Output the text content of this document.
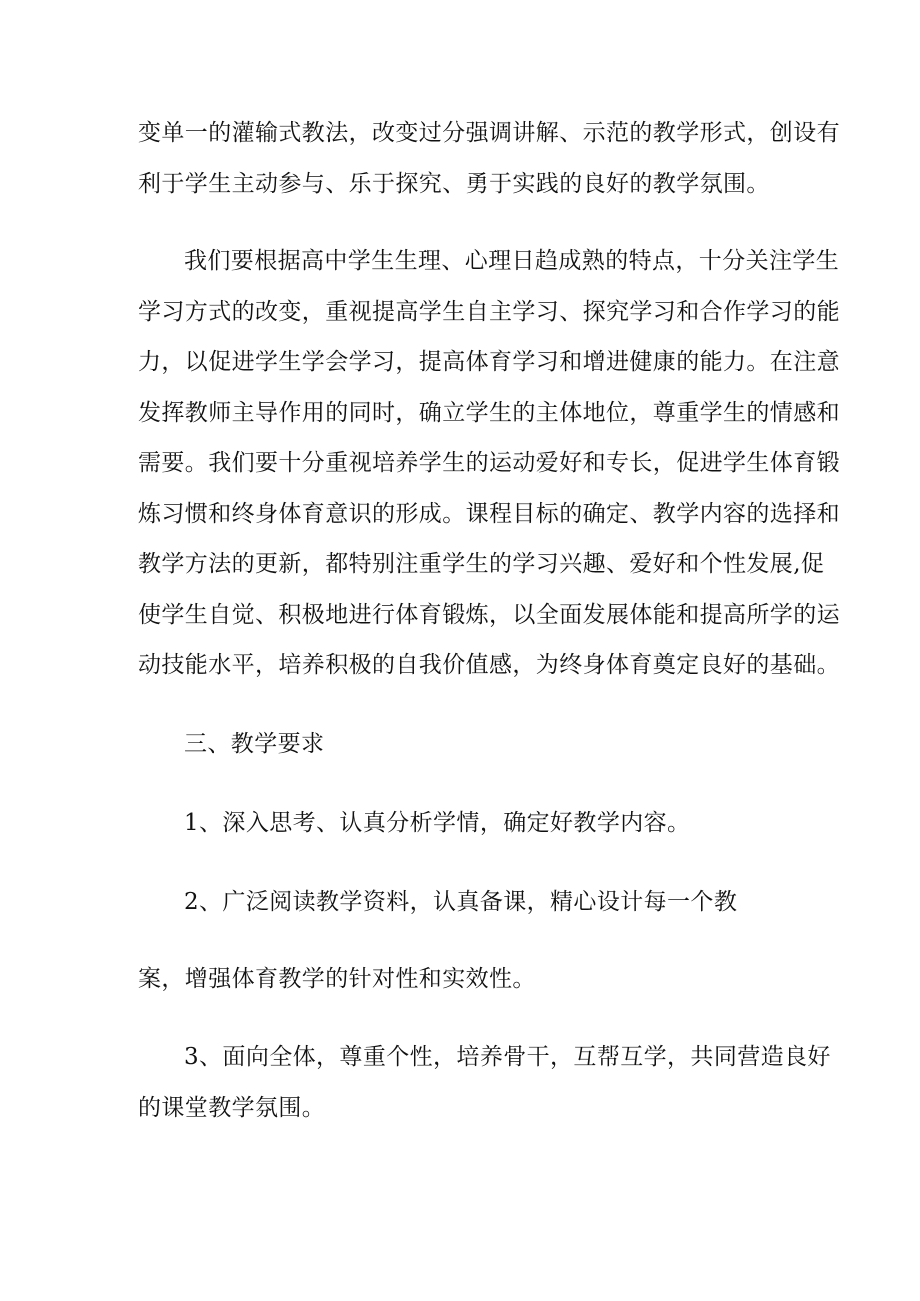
变单一的灌输式教法，改变过分强调讲解、示范的教学形式，创设有
利于学生主动参与、乐于探究、勇于实践的良好的教学氛围。
我们要根据高中学生生理、心理日趋成熟的特点，十分关注学生
学习方式的改变，重视提高学生自主学习、探究学习和合作学习的能
力，以促进学生学会学习，提高体育学习和增进健康的能力。在注意
发挥教师主导作用的同时，确立学生的主体地位，尊重学生的情感和
需要。我们要十分重视培养学生的运动爱好和专长，促进学生体育锻
炼习惯和终身体育意识的形成。课程目标的确定、教学内容的选择和
教学方法的更新，都特别注重学生的学习兴趣、爱好和个性发展,促
使学生自觉、积极地进行体育锻炼，以全面发展体能和提高所学的运
动技能水平，培养积极的自我价值感，为终身体育奠定良好的基础。
三、教学要求
1、深入思考、认真分析学情，确定好教学内容。
2、广泛阅读教学资料，认真备课，精心设计每一个教
案，增强体育教学的针对性和实效性。
3、面向全体，尊重个性，培养骨干，互帮互学，共同营造良好
的课堂教学氛围。
